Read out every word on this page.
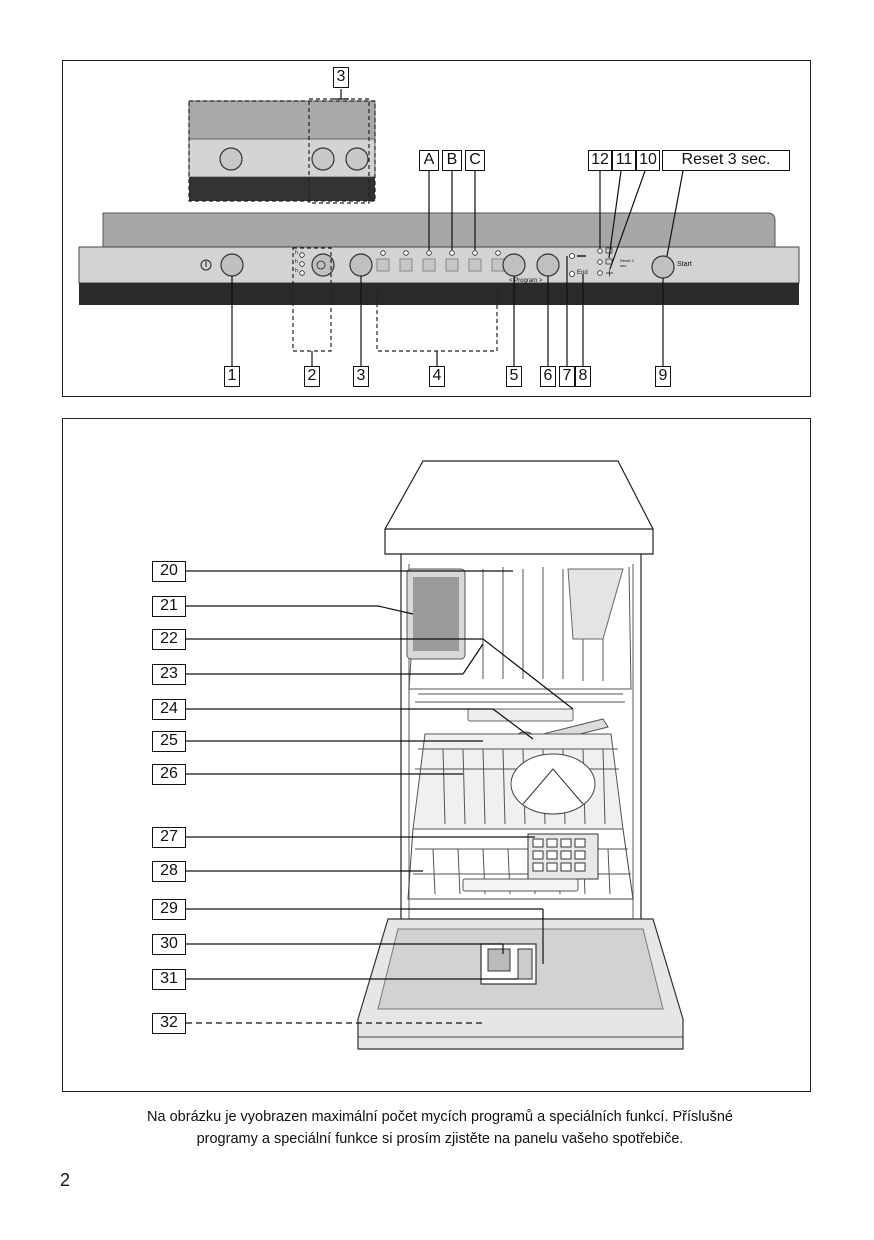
h
h
h
< Program >
End
Start
Reset 3 sec.
3
A B C	12 11 10	Reset 3 sec.
1	2	3	4	5 6 7 8	9
20
21
22
23
24
25
26
27
28
29
30
31
32
Na obrázku je vyobrazen maximální počet mycích programů a speciálních funkcí. Příslušné
programy a speciální funkce si prosím zjistěte na panelu vašeho spotřebiče.
2
